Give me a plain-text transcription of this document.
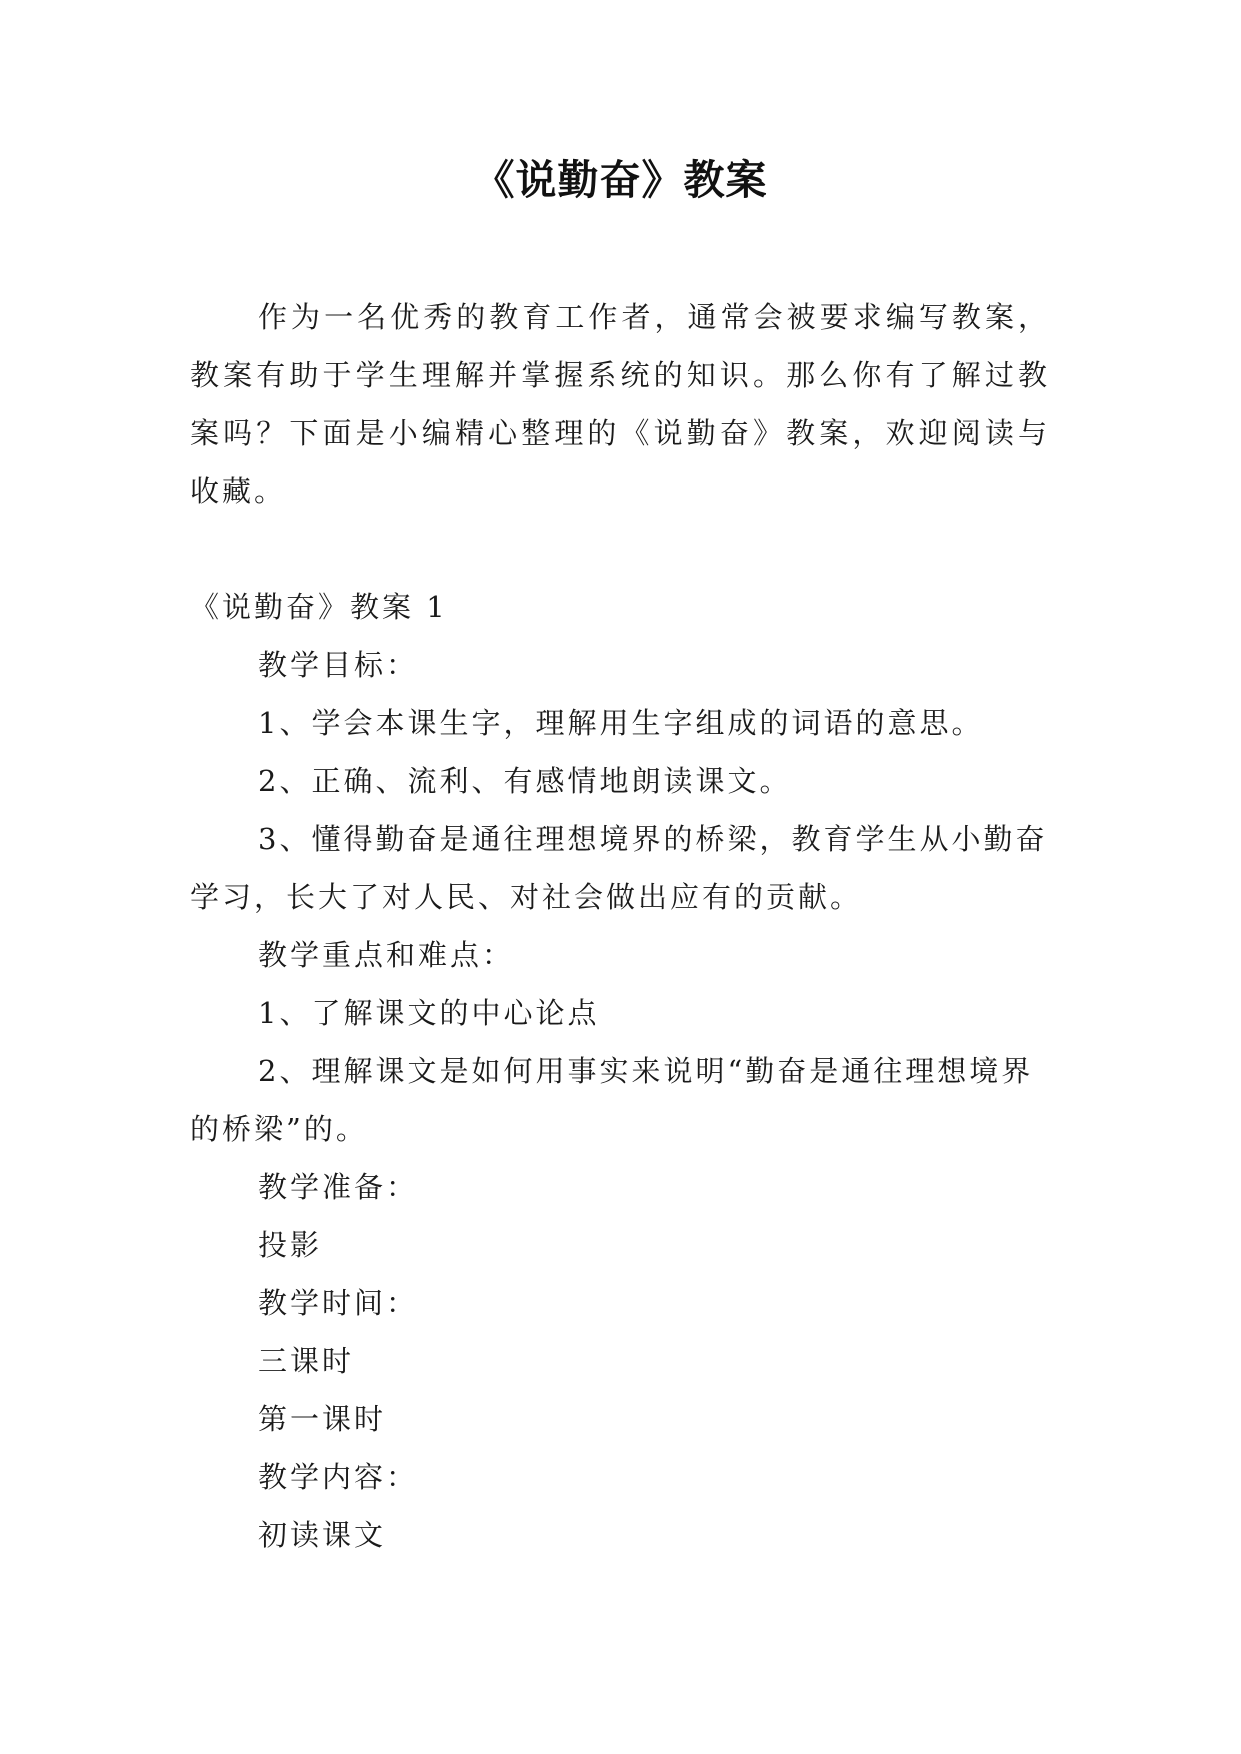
《说勤奋》教案
作为一名优秀的教育工作者，通常会被要求编写教案，教案有助于学生理解并掌握系统的知识。那么你有了解过教案吗？下面是小编精心整理的《说勤奋》教案，欢迎阅读与收藏。

《说勤奋》教案 1

教学目标：

1、学会本课生字，理解用生字组成的词语的意思。

2、正确、流利、有感情地朗读课文。

3、懂得勤奋是通往理想境界的桥梁，教育学生从小勤奋学习，长大了对人民、对社会做出应有的贡献。

教学重点和难点：

1、了解课文的中心论点

2、理解课文是如何用事实来说明“勤奋是通往理想境界的桥梁”的。

教学准备：

投影

教学时间：

三课时

第一课时

教学内容：

初读课文
